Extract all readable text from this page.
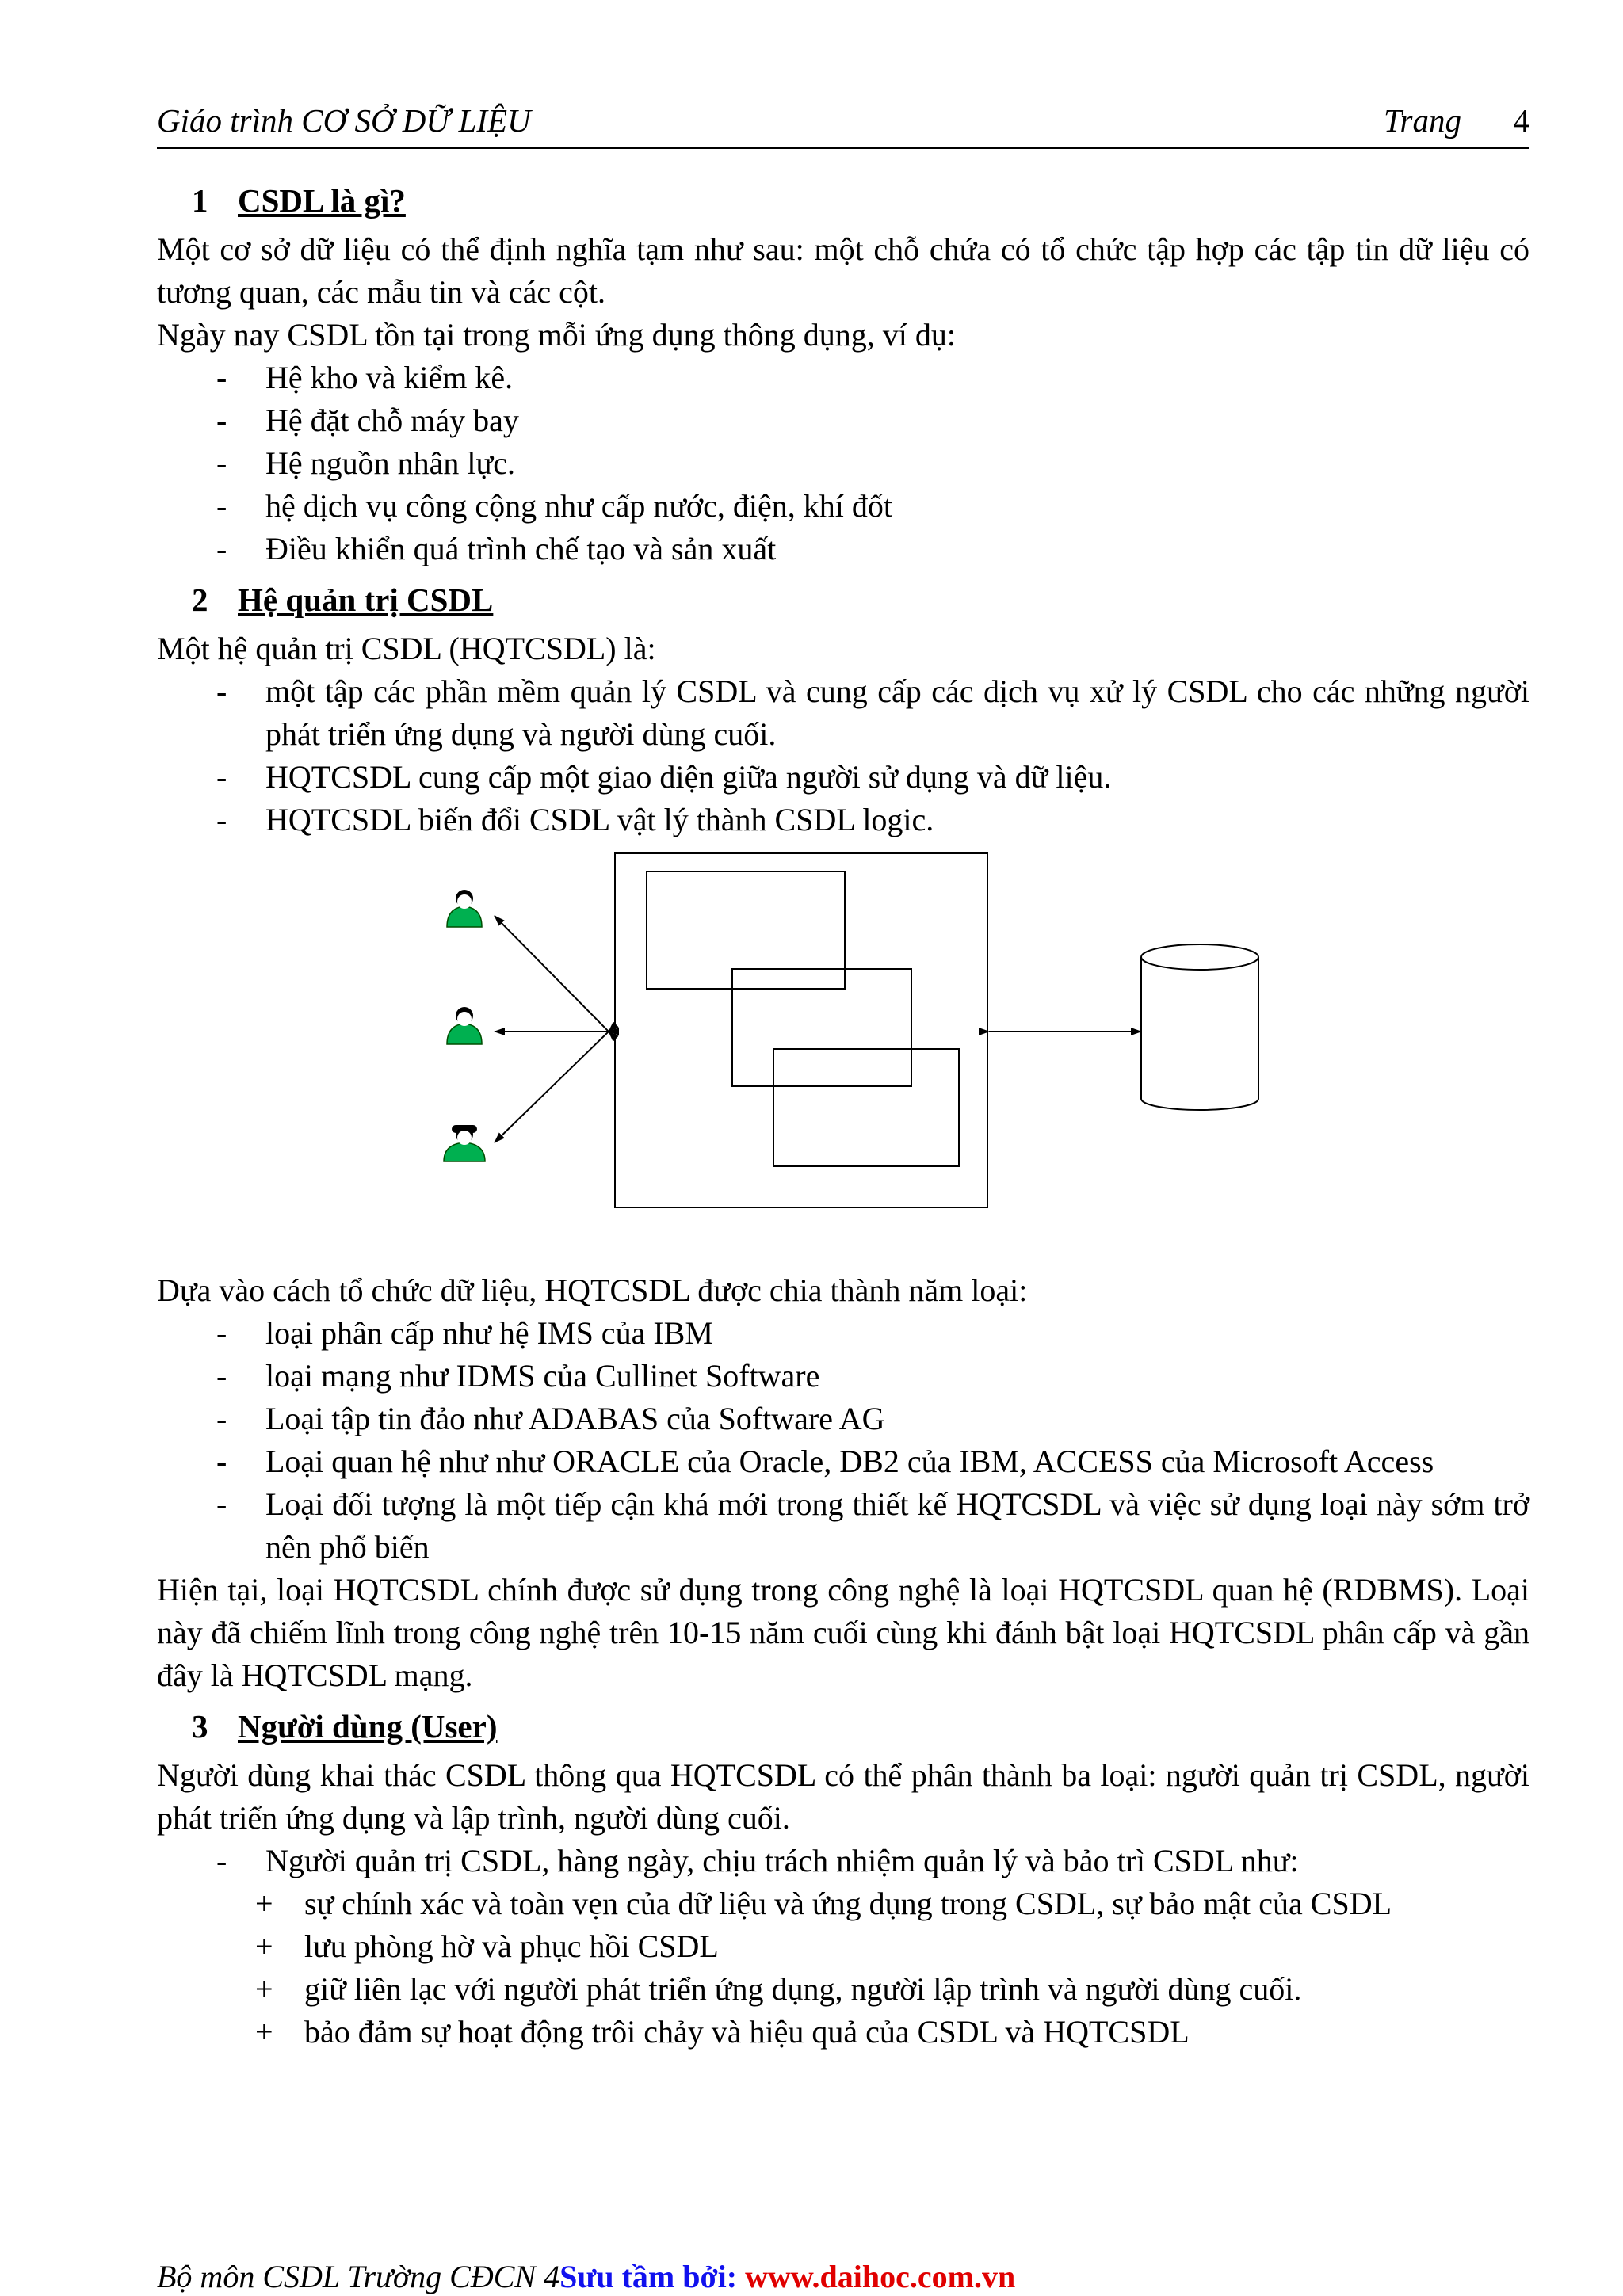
Giáo trình CƠ SỞ DỮ LIỆU	Trang 4
1 CSDL là gì?

Một cơ sở dữ liệu có thể định nghĩa tạm như sau: một chỗ chứa có tổ chức tập hợp các tập tin dữ liệu có tương quan, các mẫu tin và các cột.

Ngày nay CSDL tồn tại trong mỗi ứng dụng thông dụng, ví dụ:

- Hệ kho và kiểm kê.
- Hệ đặt chỗ máy bay
- Hệ nguồn nhân lực.
- hệ dịch vụ công cộng như cấp nước, điện, khí đốt
- Điều khiển quá trình chế tạo và sản xuất
2 Hệ quản trị CSDL

Một hệ quản trị CSDL (HQTCSDL) là:

- một tập các phần mềm quản lý CSDL và cung cấp các dịch vụ xử lý CSDL cho các những người phát triển ứng dụng và người dùng cuối.
- HQTCSDL cung cấp một giao diện giữa người sử dụng và dữ liệu.
- HQTCSDL biến đổi CSDL vật lý thành CSDL logic.

Dựa vào cách tổ chức dữ liệu, HQTCSDL được chia thành năm loại:

- loại phân cấp như hệ IMS của IBM
- loại mạng như IDMS của Cullinet Software
- Loại tập tin đảo như ADABAS của Software AG
- Loại quan hệ như như ORACLE của Oracle, DB2 của IBM, ACCESS của Microsoft Access
- Loại đối tượng là một tiếp cận khá mới trong thiết kế HQTCSDL và việc sử dụng loại này sớm trở nên phổ biến

Hiện tại, loại HQTCSDL chính được sử dụng trong công nghệ là loại HQTCSDL quan hệ (RDBMS). Loại này đã chiếm lĩnh trong công nghệ trên 10-15 năm cuối cùng khi đánh bật loại HQTCSDL phân cấp và gần đây là HQTCSDL mạng.

3 Người dùng (User)

Người dùng khai thác CSDL thông qua HQTCSDL có thể phân thành ba loại: người quản trị CSDL, người phát triển ứng dụng và lập trình, người dùng cuối.

- Người quản trị CSDL, hàng ngày, chịu trách nhiệm quản lý và bảo trì CSDL như:
+ sự chính xác và toàn vẹn của dữ liệu và ứng dụng trong CSDL, sự bảo mật của CSDL
+ lưu phòng hờ và phục hồi CSDL
+ giữ liên lạc với người phát triển ứng dụng, người lập trình và người dùng cuối.
+ bảo đảm sự hoạt động trôi chảy và hiệu quả của CSDL và HQTCSDL
Bộ môn CSDL Trường CĐCN 4Sưu tầm bởi: www.daihoc.com.vn
